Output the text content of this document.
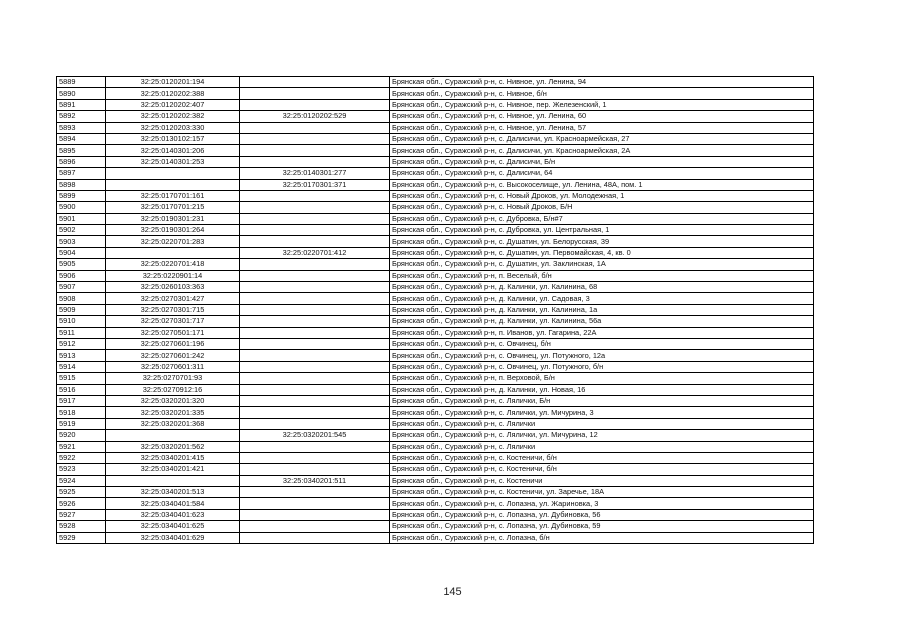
5889	32:25:0120201:194		Брянская обл., Суражский р-н, с. Нивное, ул. Ленина, 94
5890	32:25:0120202:388		Брянская обл., Суражский р-н, с. Нивное, б/н
5891	32:25:0120202:407		Брянская обл., Суражский р-н, с. Нивное, пер. Железенский, 1
5892	32:25:0120202:382	32:25:0120202:529	Брянская обл., Суражский р-н, с. Нивное, ул. Ленина, 60
5893	32:25:0120203:330		Брянская обл., Суражский р-н, с. Нивное, ул. Ленина, 57
5894	32:25:0130102:157		Брянская обл., Суражский р-н, с. Далисичи, ул. Красноармейская, 27
5895	32:25:0140301:206		Брянская обл., Суражский р-н, с. Далисичи, ул. Красноармейская, 2А
5896	32:25:0140301:253		Брянская обл., Суражский р-н, с. Далисичи, Б/н
5897		32:25:0140301:277	Брянская обл., Суражский р-н, с. Далисичи, 64
5898		32:25:0170301:371	Брянская обл., Суражский р-н, с. Высокоселище, ул. Ленина, 48А, пом. 1
5899	32:25:0170701:161		Брянская обл., Суражский р-н, с. Новый Дроков, ул. Молодежная, 1
5900	32:25:0170701:215		Брянская обл., Суражский р-н, с. Новый Дроков, Б/Н
5901	32:25:0190301:231		Брянская обл., Суражский р-н, с. Дубровка, Б/н#7
5902	32:25:0190301:264		Брянская обл., Суражский р-н, с. Дубровка, ул. Центральная, 1
5903	32:25:0220701:283		Брянская обл., Суражский р-н, с. Душатин, ул. Белорусская, 39
5904		32:25:0220701:412	Брянская обл., Суражский р-н, с. Душатин, ул. Первомайская, 4, кв. 0
5905	32:25:0220701:418		Брянская обл., Суражский р-н, с. Душатин, ул. Заклинская, 1А
5906	32:25:0220901:14		Брянская обл., Суражский р-н, п. Веселый, б/н
5907	32:25:0260103:363		Брянская обл., Суражский р-н, д. Калинки, ул. Калинина, 68
5908	32:25:0270301:427		Брянская обл., Суражский р-н, д. Калинки, ул. Садовая, 3
5909	32:25:0270301:715		Брянская обл., Суражский р-н, д. Калинки, ул. Калинина, 1а
5910	32:25:0270301:717		Брянская обл., Суражский р-н, д. Калинки, ул. Калинина, 56а
5911	32:25:0270501:171		Брянская обл., Суражский р-н, п. Иванов, ул. Гагарина, 22А
5912	32:25:0270601:196		Брянская обл., Суражский р-н, с. Овчинец, б/н
5913	32:25:0270601:242		Брянская обл., Суражский р-н, с. Овчинец, ул. Потужного, 12а
5914	32:25:0270601:311		Брянская обл., Суражский р-н, с. Овчинец, ул. Потужного, б/н
5915	32:25:0270701:93		Брянская обл., Суражский р-н, п. Верховой, Б/н
5916	32:25:0270912:16		Брянская обл., Суражский р-н, д. Калинки, ул. Новая, 16
5917	32:25:0320201:320		Брянская обл., Суражский р-н, с. Лялички, Б/н
5918	32:25:0320201:335		Брянская обл., Суражский р-н, с. Лялички, ул. Мичурина, 3
5919	32:25:0320201:368		Брянская обл., Суражский р-н, с. Лялички
5920		32:25:0320201:545	Брянская обл., Суражский р-н, с. Лялички, ул. Мичурина, 12
5921	32:25:0320201:562		Брянская обл., Суражский р-н, с. Лялички
5922	32:25:0340201:415		Брянская обл., Суражский р-н, с. Костеничи, б/н
5923	32:25:0340201:421		Брянская обл., Суражский р-н, с. Костеничи, б/н
5924		32:25:0340201:511	Брянская обл., Суражский р-н, с. Костеничи
5925	32:25:0340201:513		Брянская обл., Суражский р-н, с. Костеничи, ул. Заречье, 18А
5926	32:25:0340401:584		Брянская обл., Суражский р-н, с. Лопазна, ул. Жариновка, 3
5927	32:25:0340401:623		Брянская обл., Суражский р-н, с. Лопазна, ул. Дубиновка, 56
5928	32:25:0340401:625		Брянская обл., Суражский р-н, с. Лопазна, ул. Дубиновка, 59
5929	32:25:0340401:629		Брянская обл., Суражский р-н, с. Лопазна, б/н
145
